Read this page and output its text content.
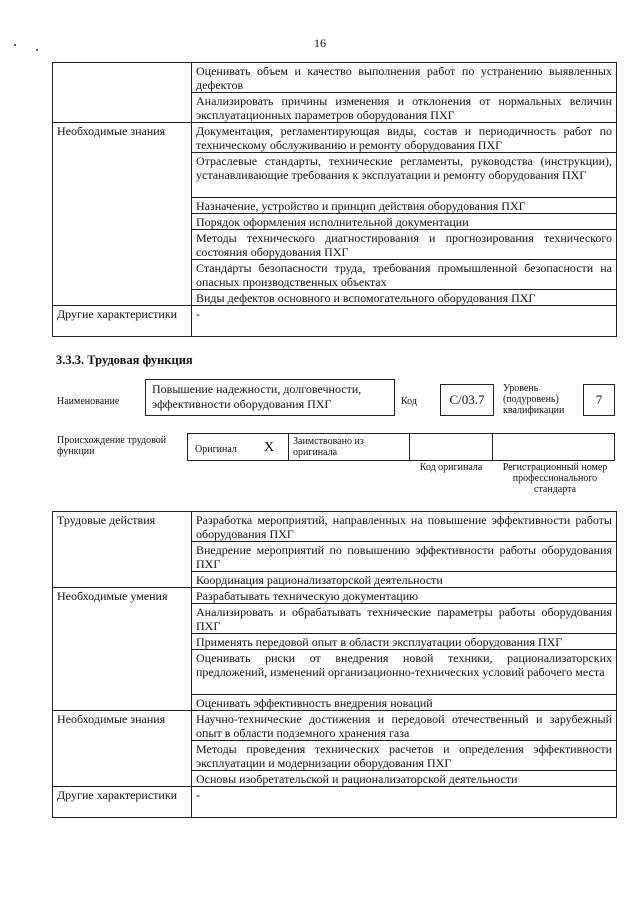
16
	Оценивать объем и качество выполнения работ по устранению выявленных дефектов
	Анализировать причины изменения и отклонения от нормальных величин эксплуатационных параметров оборудования ПХГ
Необходимые знания	Документация, регламентирующая виды, состав и периодичность работ по техническому обслуживанию и ремонту оборудования ПХГ
	Отраслевые стандарты, технические регламенты, руководства (инструкции), устанавливающие требования к эксплуатации и ремонту оборудования ПХГ
	Назначение, устройство и принцип действия оборудования ПХГ
	Порядок оформления исполнительной документации
	Методы технического диагностирования и прогнозирования технического состояния оборудования ПХГ
	Стандарты безопасности труда, требования промышленной безопасности на опасных производственных объектах
	Виды дефектов основного и вспомогательного оборудования ПХГ
Другие характеристики	-
3.3.3. Трудовая функция
Наименование
Повышение надежности, долговечности, эффективности оборудования ПХГ	Код	С/03.7
Уровень (подуровень) квалификации
7
Происхождение трудовой функции	Оригинал X Заимствовано из оригинала
Код оригинала	Регистрационный номер профессионального стандарта
Трудовые действия	Разработка мероприятий, направленных на повышение эффективности работы оборудования ПХГ
	Внедрение мероприятий по повышению эффективности работы оборудования ПХГ
	Координация рационализаторской деятельности
Необходимые умения	Разрабатывать техническую документацию
	Анализировать и обрабатывать технические параметры работы оборудования ПХГ
	Применять передовой опыт в области эксплуатации оборудования ПХГ
	Оценивать риски от внедрения новой техники, рационализаторских предложений, изменений организационно-технических условий рабочего места
	Оценивать эффективность внедрения новаций
Необходимые знания	Научно-технические достижения и передовой отечественный и зарубежный опыт в области подземного хранения газа
	Методы проведения технических расчетов и определения эффективности эксплуатации и модернизации оборудования ПХГ
	Основы изобретательской и рационализаторской деятельности
Другие характеристики	-
